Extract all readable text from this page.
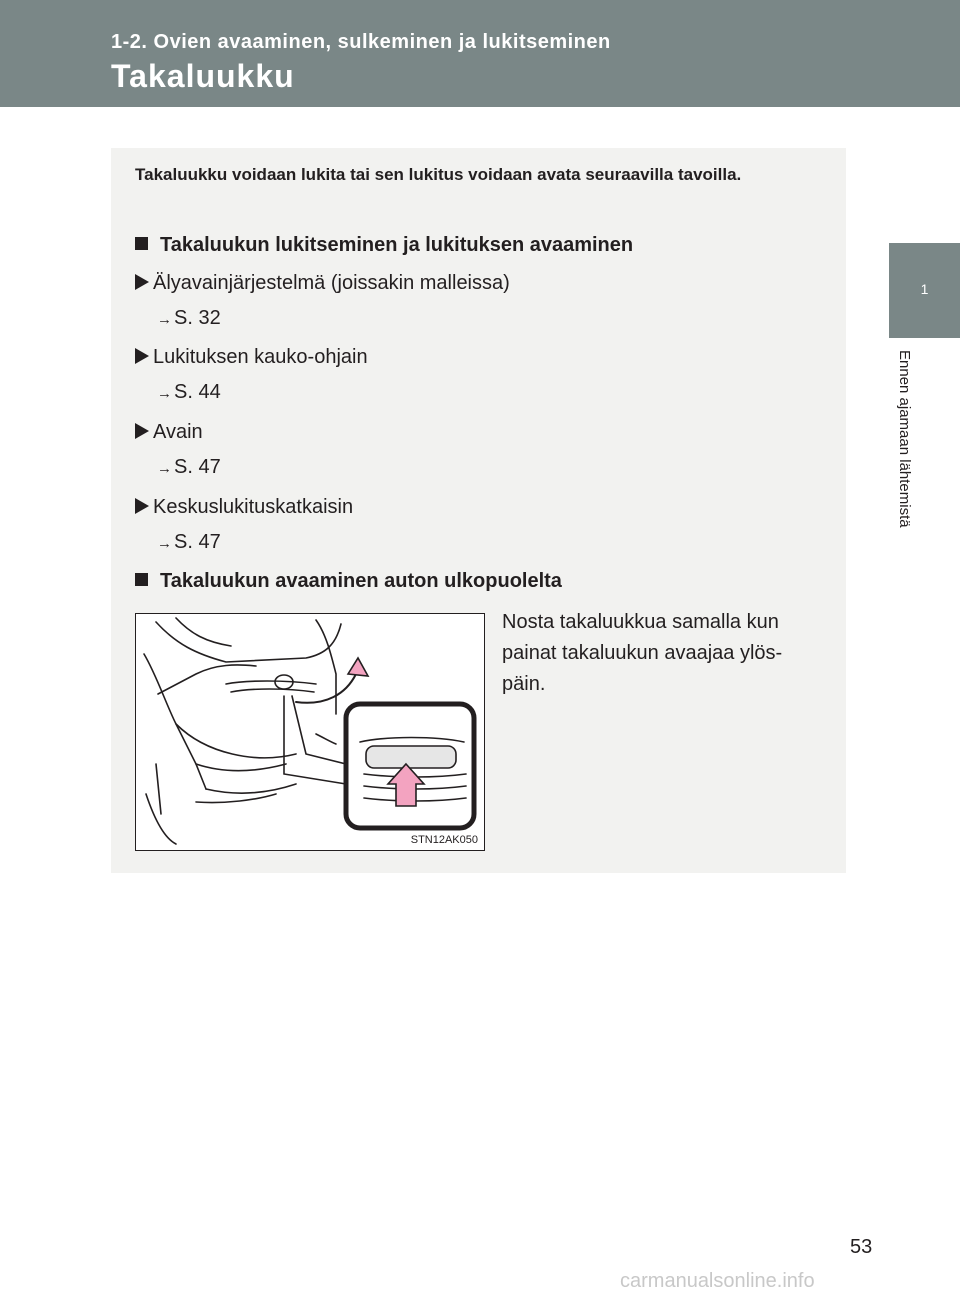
1-2. Ovien avaaminen, sulkeminen ja lukitseminen
Takaluukku
1
Ennen ajamaan lähtemistä
Takaluukku voidaan lukita tai sen lukitus voidaan avata seuraavilla tavoilla.
Takaluukun lukitseminen ja lukituksen avaaminen
Älyavainjärjestelmä (joissakin malleissa)
→ S. 32
Lukituksen kauko-ohjain
→ S. 44
Avain
→ S. 47
Keskuslukituskatkaisin
→ S. 47
Takaluukun avaaminen auton ulkopuolelta
STN12AK050
Nosta takaluukkua samalla kun painat takaluukun avaajaa ylös-päin.
53
carmanualsonline.info
